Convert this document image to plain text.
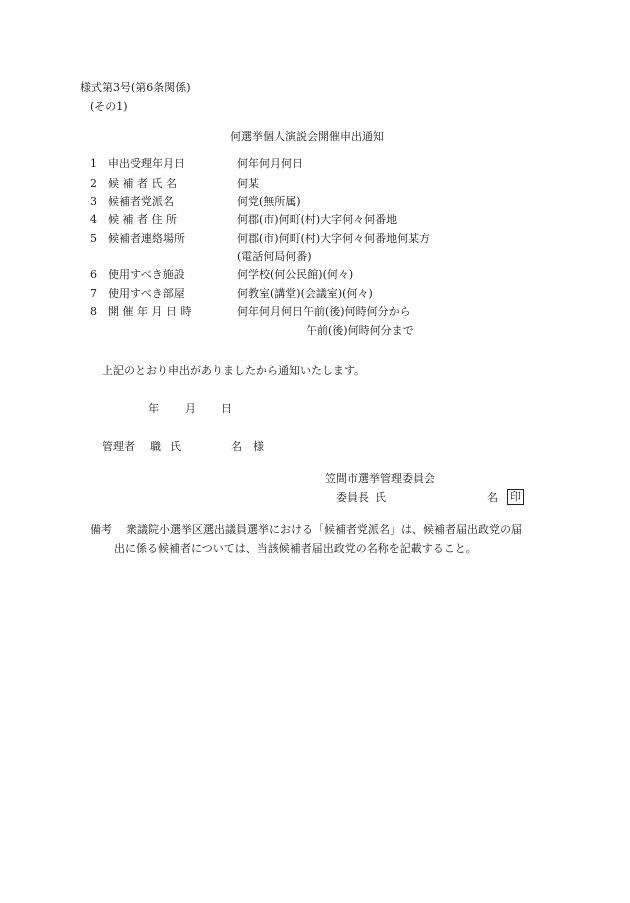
様式第3号(第6条関係)
(その1)
何選挙個人演説会開催申出通知
1 申出受理年月日	何年何月何日
2 候 補 者 氏 名	何某
3 候補者党派名	何党(無所属)
4 候 補 者 住 所	何郡(市)何町(村)大字何々何番地
5 候補者連絡場所	何郡(市)何町(村)大字何々何番地何某方
(電話何局何番)
6 使用すべき施設	何学校(何公民館)(何々)
7 使用すべき部屋	何教室(講堂)(会議室)(何々)
8 開 催 年 月 日 時	何年何月何日午前(後)何時何分から
午前(後)何時何分まで
上記のとおり申出がありましたから通知いたします。
年 月 日
管理者 職 氏	名 様
笠間市選挙管理委員会
委員長 氏	名 印
備考 衆議院小選挙区選出議員選挙における「候補者党派名」は、候補者届出政党の届
出に係る候補者については、当該候補者届出政党の名称を記載すること。
